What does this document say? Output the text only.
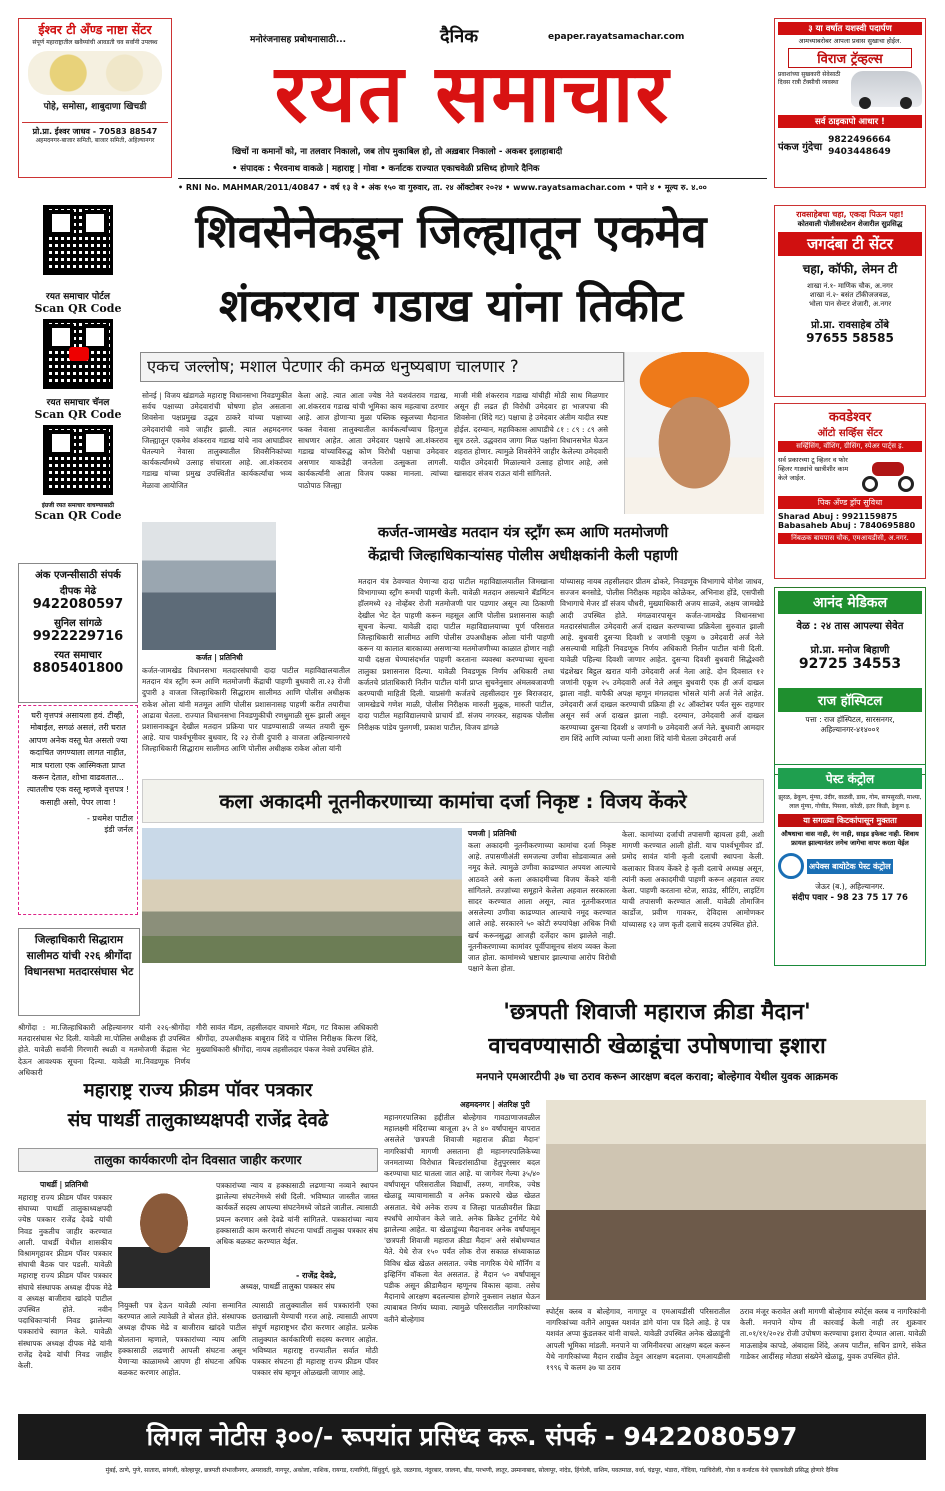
ईश्वर टी अँण्ड नाष्टा सेंटर
संपूर्ण महाराष्ट्रातील खवैय्यांची आवडती चव सर्वांनी उपलब्ध
पोहे, समोसा, शाबुदाणा खिचडी
प्रो.प्रा. ईश्वर जाधव - 70583 88547
अहमदनगर-बाजार समिती, बाजार समिती, अहिल्यानगर
मनोरंजनासह प्रबोधनासाठी...	दैनिक	epaper.rayatsamachar.com
रयत समाचार
खिचों ना कमानों को, ना तलवार निकालो, जब तोप मुकाबिल हो, तो अख़बार निकालो - अकबर इलाहाबादी
• संपादक : भैरवनाथ वाकळे | महाराष्ट्र | गोवा • कर्नाटक राज्यात एकाचवेळी प्रसिध्द होणारे दैनिक
• RNI No. MAHMAR/2011/40847 • वर्ष १३ वे • अंक १५० वा गुरुवार, ता. २४ ऑक्टोबर २०२४ • www.rayatsamachar.com • पाने ४ • मूल्य रु. ४.००
३ या वर्षात यशस्वी पदार्पण
आमच्याबरोबर आपला प्रवास सुखाचा होईल.
विराज ट्रॅव्हल्स
प्रवाशांच्या सुखकारी सेवेसाठी दिवस रात्री टॅक्सीची व्यवस्था
सर्व ठाइकापो आधार !
पंकज गुंदेचा
9822496664
9403448649
रयत समाचार पोर्टल
Scan QR Code
रयत समाचार चॅनल
Scan QR Code
इंग्रजी रयत समाचार वाचण्यासाठी
Scan QR Code
अंक एजन्सीसाठी संपर्क
दीपक मेढे
9422080597
सुनिल सांगळे
9922229716
रयत समाचार
8805401800
घरी वृत्तपत्रं असायला हवं. टीव्ही, मोबाईल, सगळं असलं, तरी घरात आपण अनेक वस्तू घेत असतो ज्या कदाचित जगण्याला लागत नाहीत, मात्र घराला एक आस्मिकता प्राप्त करून देतात, शोभा वाढवतात... त्यातलीच एक वस्तू म्हणजे वृत्तपत्र ! कसाही असो, पेपर लावा !
- प्रथमेश पाटील
इंडी जर्नल
जिल्हाधिकारी सिद्धाराम सालीमठ यांची २२६ श्रीगोंदा विधानसभा मतदारसंघास भेट
श्रीगोंदा : मा.जिल्हाधिकारी अहिल्यानगर यांनी २२६-श्रीगोंदा मतदारसंघास भेट दिली. यावेळी मा.पोलिस अधीक्षक ही उपस्थित होते. यावेळी सर्वांनी गिरणारी स्थळी व मतमोजणी केंद्रास भेट देऊन आवश्यक सूचना दिल्या. यावेळी मा.निवडणूक निर्णय अधिकारी
गौरी सावंत मॅडम, तहसीलदार वाघमारे मॅडम, गट विकास अधिकारी श्रीगोंदा, उपअधीक्षक बाबूराव शिंदे व पोलिस निरीक्षक किरण शिंदे, मुख्याधिकारी श्रीगोंदा, नायब तहसीलदार पंकज नेवसे उपस्थित होते.
शिवसेनेकडून जिल्ह्यातून एकमेव
शंकरराव गडाख यांना तिकीट
एकच जल्लोष; मशाल पेटणार की कमळ धनुष्यबाण चालणार ?
सोनई | विजय खंडागळे महाराष्ट्र विधानसभा निवडणुकीत सर्वच पक्षाच्या उमेदवारांची घोषणा होत असताना शिवसेना पक्षप्रमुख उद्धव ठाकरे यांच्या पक्षाच्या उमेदवारांची नावे जाहीर झाली. त्यात अहमदनगर जिल्ह्यातून एकमेव शंकरराव गडाख यांचे नाव आघाडीवर घेतल्याने नेवासा तालुक्यातील शिवसैनिकांच्या कार्यकर्त्यांमध्ये उत्साह संचारला आहे. आ.शंकरराव गडाख यांच्या प्रमुख उपस्थितीत कार्यकर्त्यांचा भव्य मेळावा आयोजित
केला आहे. त्यात आता ज्येष्ठ नेते यशवंतराव गडाख, आ.शंकरराव गडाख यांची भूमिका काय महत्वाचा ठरणार आहे. आज होणाऱ्या मुळा पब्लिक स्कूलच्या मैदानात फक्त नेवासा तालुक्यातील कार्यकर्त्यांच्याच हितगुज साधणार आहेत. आता उमेदवार पक्षाचे आ.शंकरराव गडाख यांच्याविरुद्ध कोण विरोधी पक्षाचा उमेदवार असणार याकडेही जनतेला उत्सुकता लागली. कार्यकर्त्यांनी आता विजय पक्का मानला. त्यांच्या पाठोपाठ जिल्ह्या
माजी मंत्री शंकरराव गडाख यांचीही मोठी साथ मिळणार असून ही लढत ही विरोधी उमेदवार हा भाजपचा की शिवसेना (शिंदे गट) पक्षाचा हे उमेदवार अंतीम यादीत स्पष्ट होईल. दरम्यान, महाविकास आघाडीचे ८१ : ८९ : ८९ असे सूत्र ठरले. उद्धवराव जागा मिळ पक्षांना विधानसभेत घेऊन शहरात होणार. त्यामुळे शिवसेनेने जाहीर केलेल्या उमेदवारी यादीत उमेदवारी मिळाल्याने उत्साह होणार आहे, असे खासदार संजय राऊत यांनी सांगितले.
कर्जत-जामखेड मतदान यंत्र स्ट्रॉंग रूम आणि मतमोजणी
केंद्राची जिल्हाधिकाऱ्यांसह पोलीस अधीक्षकांनी केली पहाणी
कर्जत | प्रतिनिधी
कर्जत-जामखेड विधानसभा मतदारसंघाची दादा पाटील महाविद्यालयातील मतदान यंत्र स्ट्रॉंग रूम आणि मतमोजणी केंद्राची पाहणी बुधवारी ता.२३ रोजी दुपारी ३ वाजता जिल्हाधिकारी सिद्धाराम सालीमठ आणि पोलीस अधीक्षक राकेश ओला यांनी मतमूल आणि पोलीस प्रशासनासह पाहणी करीत तयारीचा आढावा घेतला. राज्यात विधानसभा निवडणुकीची रणधुमाळी सुरू झाली असून प्रशासनाकडून देखील मतदान प्रक्रिया पार पाडण्यासाठी जय्यत तयारी सुरू आहे. याच पार्श्वभूमीवर बुधवार, दि २३ रोजी दुपारी ३ वाजता अहिल्यानगरचे जिल्हाधिकारी सिद्धाराम सालीमठ आणि पोलीस अधीक्षक राकेश ओला यांनी
मतदान यंत्र ठेवण्यात येणाऱ्या दादा पाटील महाविद्यालयातील जिमखाना विभागाच्या स्ट्रॉंग रूमची पाहणी केली. यावेळी मतदान असल्याने बॅडमिंटन हॉलमध्ये २३ नोव्हेंबर रोजी मतमोजणी पार पडणार असून त्या ठिकाणी देखील भेट देत पाहणी करून महसूल आणि पोलीस प्रशासनास काही सूचना केल्या. यावेळी दादा पाटील महाविद्यालयाच्या पूर्ण परिसरात जिल्हाधिकारी सालीमठ आणि पोलीस उपअधीक्षक ओला यांनी पाहणी करून या कालात बारकाव्या असणाऱ्या मतमोजणीच्या काळात होणार नाही याची दक्षता घेण्यासंदर्भात पाहणी करताना व्यवस्था करण्याच्या सूचना तालुका प्रशासनास दिल्या. यावेळी निवडणूक निर्णय अधिकारी तथा कर्जतचे प्रांताधिकारी नितीन पाटील यांनी प्राप्त सुचनेनुसार अंमलबजावणी करण्याची माहिती दिली. याप्रसंगी कर्जतचे तहसीलदार गुरु बिराजदार, जामखेडचे गणेश माळी, पोलीस निरीक्षक मारुती मुळूक, मारुती पाटील, दादा पाटील महाविद्यालयाचे प्राचार्य डॉ. संजय नगरकर, सहायक पोलीस निरीक्षक पांडेय पुलगणी, प्रकाश पाटील, विजय डांगळे
यांच्यासह नायब तहसीलदार प्रीतम ढोकरे, निवडणूक विभागाचे योगेश जाधव, सज्जन बनसोडे, पोलीस निरीक्षक महादेव कोळेकर, अभिनाश होंडे, एसपीसी विभागाचे मेजर डॉ संजय चौधरी, मुख्याधिकारी अजय साळवे, अक्षय जामखेडे आदी उपस्थित होते. मंगळवारपासून कर्जत-जामखेड विधानसभा मतदारसंघातील उमेदवारी अर्ज दाखल करण्याच्या प्रक्रियेला सुरुवात झाली आहे. बुधवारी दुसऱ्या दिवशी ४ जणांनी एकूण ७ उमेदवारी अर्ज नेले असल्याची माहिती निवडणूक निर्णय अधिकारी नितीन पाटील यांनी दिली. यावेळी पहिल्या दिवशी जाणार आहेत. दुसऱ्या दिवशी बुधवारी सिद्धेश्वरी चंद्रशेखर बिट्ठल खरात यांनी उमेदवारी अर्ज नेला आहे. दोन दिवसात १२ जणांनी एकूण २५ उमेदवारी अर्ज नेले असून बुधवारी एक ही अर्ज दाखल झाला नाही. यापैकी अपक्ष म्हणून मंगलदास भोसले यांनी अर्ज नेले आहेत. उमेदवारी अर्ज दाखल करण्याची प्रक्रिया ही २८ ऑक्टोबर पर्यंत सुरू राहणार असून सर्व अर्ज दाखल झाला नाही. दरम्यान, उमेदवारी अर्ज दाखल करण्याच्या दुसऱ्या दिवशी ४ जणांनी ७ उमेदवारी अर्ज नेले. बुधवारी आमदार राम शिंदे आणि त्यांच्या पत्नी आशा शिंदे यांनी घेतला उमेदवारी अर्ज
रावसाहेबचा चहा, एकदा पिऊन पहा!
कोतवाली पोलीसस्टेशन शेजारील सुप्रसिद्ध
जगदंबा टी सेंटर
चहा, कॉफी, लेमन टी
शाखा नं.१- माणिक चौक, अ.नगर
शाखा नं.२- बसंत टॉकीजजवळ,
भोला पान सेन्टर शेजारी, अ.नगर
प्रो.प्रा. रावसाहेब ठोंबे
97655 58585
कवडेश्वर
ऑटो सर्व्हिस सेंटर
सर्व्हिसिंग, वॉशिंग, ग्रीसिंग, स्पेअर पार्ट्स इ.
सर्व प्रकारच्या टू व्हिलर व फोर व्हिलर गाड्यांचे खात्रीशीर काम केले जाईल.
पिक अँण्ड ड्रॉप सुविधा
Sharad Abuj : 9921159875
Babasaheb Abuj : 7840695880
निंबळक बायपास चौक, एमआयडीसी, अ.नगर.
आनंद मेडिकल
वेळ : २४ तास आपल्या सेवेत
प्रो.प्रा. मनोज बिहाणी
92725 34553
राज हॉस्पिटल
पत्ता : राज हॉस्पिटल, सारसनगर, अहिल्यानगर-४१४००१
कला अकादमी नूतनीकरणाच्या कामांचा दर्जा निकृष्ट : विजय केंकरे
पणजी | प्रतिनिधी
कला अकादमी नूतनीकरणाच्या कामांचा दर्जा निकृष्ट आहे. तपासणीअंती समजल्या उणीवा सोडवाव्यात असे नमूद केले. त्यामुळे उणीवा काढण्यात अपयश आल्याचे आठवते असे कला अकादमीच्या विजय केंकरे यांनी सांगितले. तज्ज्ञांच्या समूहाने केलेला अहवाल सरकारला सादर करण्यात आला असून, त्यात नूतनीकरणात असलेल्या उणीवा काढण्यात आल्याचे नमूद करण्यात आले आहे. सरकारने ५० कोटी रुपयांपेक्षा अधिक निधी खर्च करूनसुद्धा आजही दर्जेदार काम झालेले नाही. नूतनीकरणाच्या कामांवर पूर्वीपासूनच संशय व्यक्त केला जात होता. कामांमध्ये भ्रष्टाचार झाल्याचा आरोप विरोधी पक्षाने केला होता.
केला. कामांच्या दर्जाची तपासणी व्हायला हवी, अशी मागणी करण्यात आली होती. याच पार्श्वभूमीवर डॉ. प्रमोद सावंत यांनी कृती दलाची स्थापना केली. कलाकार विजय केंकरे हे कृती दलाचे अध्यक्ष असून, त्यांनी कला अकादमीची पाहणी करून अहवाल तयार केला. पाहणी करताना स्टेज, साउंड, सीटिंग, लाइटिंग याची तपासणी करण्यात आली. यावेळी तोमाजिन कार्डोज, प्रवीण गावकर, देविदास आमोणकर यांच्यासह १३ जण कृती दलाचे सदस्य उपस्थित होते.
पेस्ट कंट्रोल
झुरळ, ढेकूण, मुंग्या, उंदीर, वाळवी, डास, गोम, सापसुरळी, माश्या, लाल मुंग्या, गोचीड, पिसवा, कोळी, इतर किडी, ढेकूण इ.
या सगळ्या किटकांपासून मुक्तता
औषधाचा वास नाही, रंग नाही, साइड इफेक्ट नाही. शिवाय फ्रायल झाल्यानंतर लगेच जागेचा वापर करता येईल
अपेक्स बायोटेक पेस्ट कंट्रोल
जेऊर (ब.), अहिल्यानगर.
संदीप पवार - 98 23 75 17 76
'छत्रपती शिवाजी महाराज क्रीडा मैदान'
वाचवण्यासाठी खेळाडूंचा उपोषणाचा इशारा
मनपाने एमआरटीपी ३७ चा ठराव करून आरक्षण बदल करावा; बोल्हेगाव येथील युवक आक्रमक
अहमदनगर | अंतरिक्ष पुरी
महानगरपालिका हद्दीतील बोल्हेगाव गावठाणाजवळील महालक्ष्मी मंदिराच्या बाजूला ३५ ते ४० वर्षांपासून वापरात असलेले 'छत्रपती शिवाजी महाराज क्रीडा मैदान' नागरिकांची मागणी असताना ही महानगरपालिकेच्या जनमताच्या विरोधात बिल्डरांसाठीचा हेतुपुरस्सर बदल करण्याचा घाट घातला जात आहे. या जागेवर गेल्या ३५/४० वर्षांपासून परिसरातील विद्यार्थी, तरुण, नागरिक, ज्येष्ठ खेळाडू व्यायामासाठी व अनेक प्रकारचे खेळ खेळत असतात. येथे अनेक राज्य व जिल्हा पातळीवरील क्रिडा स्पर्धांचे आयोजन केले जाते. अनेक क्रिकेट टुर्नामेंट येथे झालेल्या आहेत. या खेळाडूंच्या मैदानावर अनेक वर्षांपासून 'छत्रपती शिवाजी महाराज क्रीडा मैदान' असे संबोधण्यात येते. येथे रोज १५० पर्यंत लोक रोज सकाळ संध्याकाळ विविध खेळ खेळत असतात. ज्येष्ठ नागरिक येथे मॉर्निंग व इव्हिनिंग वॉकला येत असतात. हे मैदान ५० वर्षांपासून पडीक असून क्रीडामैदान म्हणूनच विकास व्हावा. तसेच मैदानाचे आरक्षण बदलल्यास होणारे नुकसान लक्षात घेऊन त्याबाबत निर्णय घ्यावा. त्यामुळे परिसरातील नागरिकांच्या वतीने बोल्हेगाव
स्पोर्ट्स क्लब व बोल्हेगाव, नागापूर व एमआयडीसी परिसरातील नागरिकांच्या वतीने आयुक्त यशवंत डांगे यांना पत्र दिले आहे. हे पत्र यशवंत अप्पा कुंडलकर यांनी वाचले. यावेळी उपस्थित अनेक खेळाडूंनी आपली भूमिका मांडली. मनपाने या जमिनीवरचा आरक्षण बदल करून येथे नागरिकांच्या मैदान राखीव ठेवून आरक्षण बदलावा. एमआयडीसी १९९६ चे कलम ३७ चा ठराव
ठराव मंजूर करावेत अशी मागणी बोल्हेगाव स्पोर्ट्स क्लब व नागरिकांनी केली. मनपाने योग्य ती कारवाई केली नाही तर शुक्रवार ता.०१/११/२०२४ रोजी उपोषण करण्याचा इशारा देण्यात आला. यावेळी माऊसाहेब कापडे, अंबादास शिंदे, अजय पाटील, सचिन डागरे, संकेत गाडेकर आदींसह मोठ्या संख्येने खेळाडू, युवक उपस्थित होते.
महाराष्ट्र राज्य फ्रीडम पॉवर पत्रकार
संघ पाथर्डी तालुकाध्यक्षपदी राजेंद्र देवढे
तालुका कार्यकारणी दोन दिवसात जाहीर करणार
पाथर्डी | प्रतिनिधी
महाराष्ट्र राज्य फ्रीडम पॉवर पत्रकार संघाच्या पाथर्डी तालुकाध्यक्षपदी ज्येष्ठ पत्रकार राजेंद्र देवढे यांची निवड नुकतीच जाहीर करण्यात आली. पाथर्डी येथील शासकीय विश्रामगृहावर फ्रीडम पॉवर पत्रकार संघाची बैठक पार पडली. यावेळी महाराष्ट्र राज्य फ्रीडम पॉवर पत्रकार संघाचे संस्थापक अध्यक्ष दीपक मेढे व अध्यक्ष बाजीराव खांदवे पाटील उपस्थित होते. नवीन पदाधिकाऱ्यांनी निवड झालेल्या पत्रकारांचे स्वागत केले. यावेळी संस्थापक अध्यक्ष दीपक मेढे यांनी राजेंद्र देवढे यांची निवड जाहीर केली.
पत्रकारांच्या न्याय व हक्कासाठी लढणाऱ्या नव्याने स्थापन झालेल्या संघटनेमध्ये संधी दिली. भविष्यात जास्तीत जास्त कार्यकर्ते सदस्य आपल्या संघटनेमध्ये जोडले जातील. त्यासाठी प्रयत्न करणार असे देवढे यांनी सांगितले. पत्रकारांच्या न्याय हक्कासाठी काम करणारी संघटना पाथर्डी तालुका पत्रकार संघ अधिक बळकट करण्यात येईल.
- राजेंद्र देवढे,
अध्यक्ष, पाथर्डी तालुका पत्रकार संघ
नियुक्ती पत्र देऊन यावेळी त्यांना सन्मानित करण्यात आले त्यावेळी ते बोलत होते. संस्थापक अध्यक्ष दीपक मेढे व बाजीराव खांदवे पाटील बोलताना म्हणाले, पत्रकारांच्या न्याय आणि हक्कासाठी लढणारी आपली संघटना असून येणाऱ्या काळामध्ये आपण ही संघटना अधिक बळकट करणार आहोत.
त्यासाठी तालुक्यातील सर्व पत्रकारांनी एका छताखाली येण्याची गरज आहे. त्यासाठी आपण संपूर्ण महाराष्ट्रभर दौरा करणार आहोत. प्रत्येक तालुक्यात कार्यकारिणी सदस्य करणार आहोत. भविष्यात महाराष्ट्र राज्यातील सर्वात मोठी पत्रकार संघटना ही महाराष्ट्र राज्य फ्रीडम पॉवर पत्रकार संघ म्हणून ओळखली जाणार आहे.
लिगल नोटीस ३००/- रूपयांत प्रसिध्द करू. संपर्क - 9422080597
मुंबई, ठाणे, पुणे, सातारा, सांगली, कोल्हापूर, छत्रपती संभाजीनगर, अमरावती, नागपूर, अकोला, नाशिक, रायगड, रत्नागिरी, सिंधुदुर्ग, धुळे, जळगाव, नंदुरबार, जालना, बीड, परभणी, लातूर, उस्मानाबाद, सोलापूर, नांदेड, हिंगोली, वाशिम, यवतमाळ, वर्धा, चंद्रपूर, भंडारा, गोंदिया, गडचिरोली, गोवा व कर्नाटक येथे एकाचवेळी प्रसिद्ध होणारे दैनिक
